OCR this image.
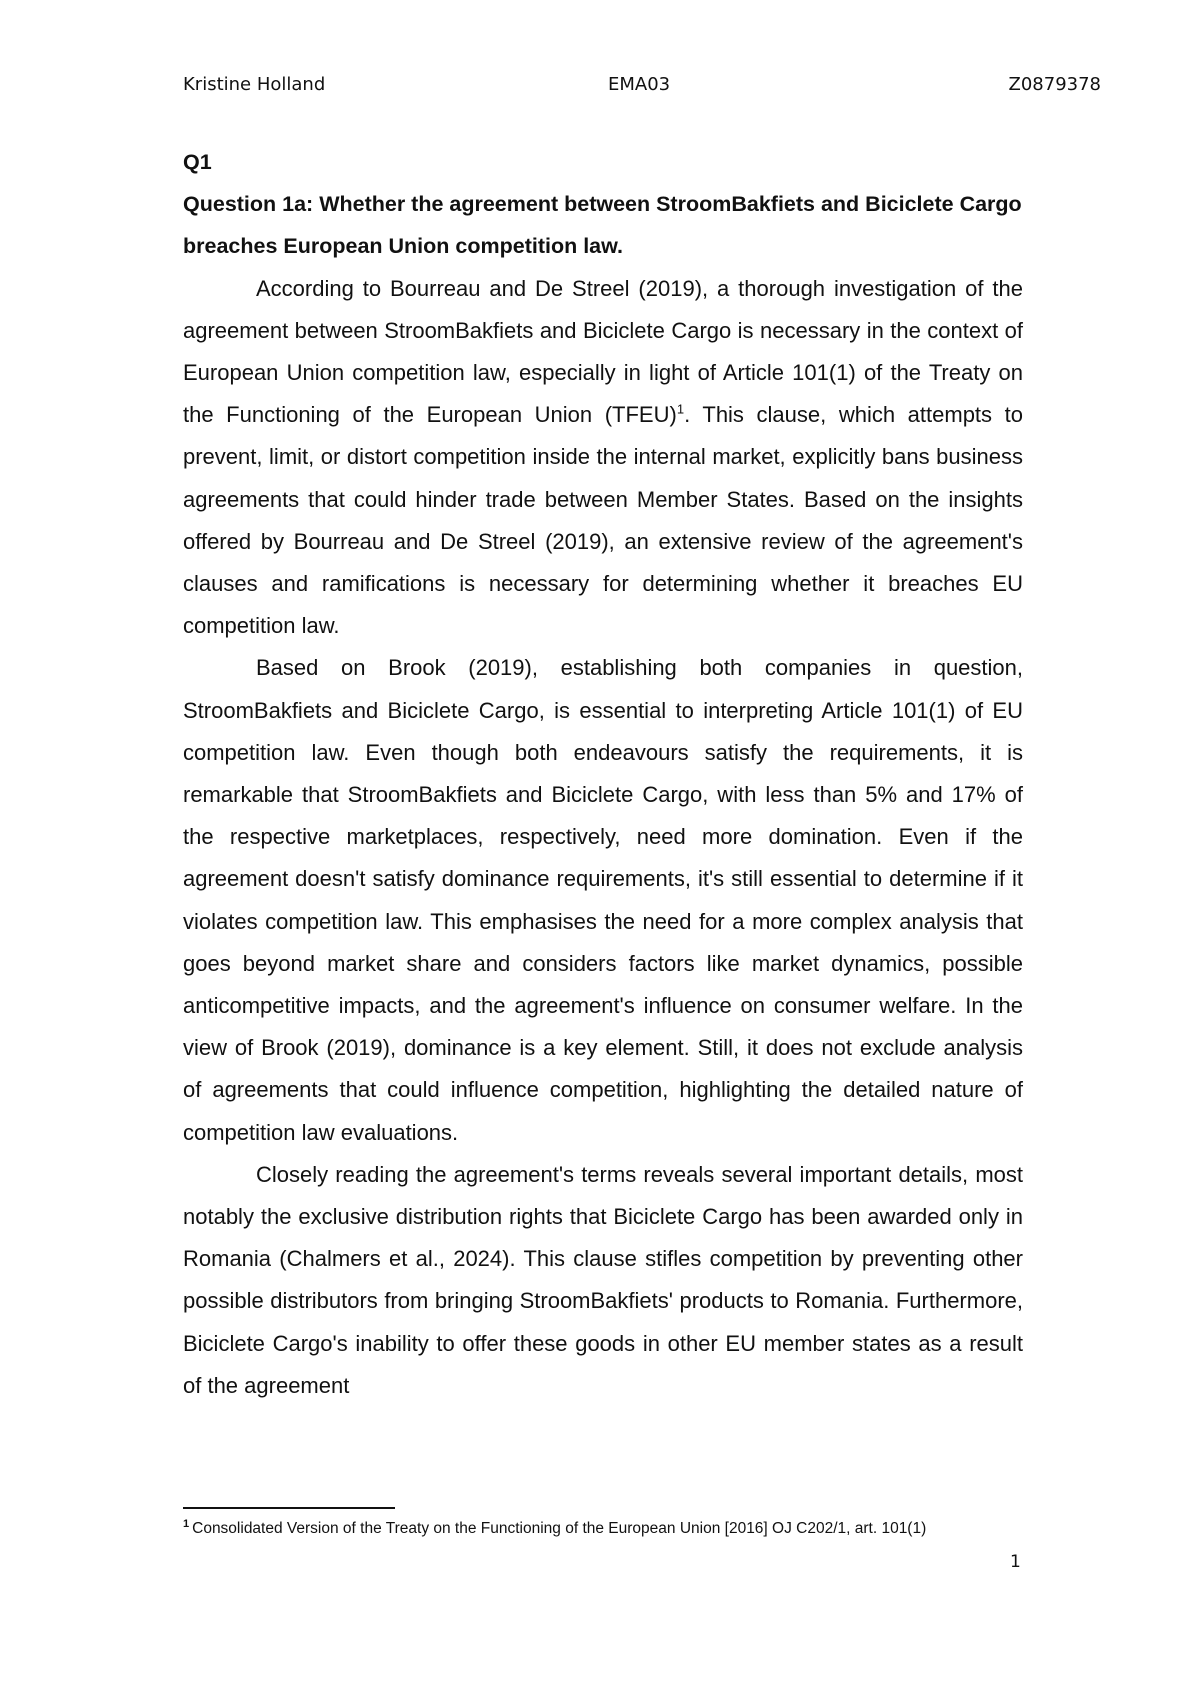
Kristine Holland	EMA03	Z0879378

Q1

Question 1a: Whether the agreement between StroomBakfiets and Biciclete Cargo breaches European Union competition law.

According to Bourreau and De Streel (2019), a thorough investigation of the agreement between StroomBakfiets and Biciclete Cargo is necessary in the context of European Union competition law, especially in light of Article 101(1) of the Treaty on the Functioning of the European Union (TFEU)$^1$. This clause, which attempts to prevent, limit, or distort competition inside the internal market, explicitly bans business agreements that could hinder trade between Member States. Based on the insights offered by Bourreau and De Streel (2019), an extensive review of the agreement's clauses and ramifications is necessary for determining whether it breaches EU competition law.

Based on Brook (2019), establishing both companies in question, StroomBakfiets and Biciclete Cargo, is essential to interpreting Article 101(1) of EU competition law. Even though both endeavours satisfy the requirements, it is remarkable that StroomBakfiets and Biciclete Cargo, with less than 5% and 17% of the respective marketplaces, respectively, need more domination. Even if the agreement doesn't satisfy dominance requirements, it's still essential to determine if it violates competition law. This emphasises the need for a more complex analysis that goes beyond market share and considers factors like market dynamics, possible anticompetitive impacts, and the agreement's influence on consumer welfare. In the view of Brook (2019), dominance is a key element. Still, it does not exclude analysis of agreements that could influence competition, highlighting the detailed nature of competition law evaluations.

Closely reading the agreement's terms reveals several important details, most notably the exclusive distribution rights that Biciclete Cargo has been awarded only in Romania (Chalmers et al., 2024). This clause stifles competition by preventing other possible distributors from bringing StroomBakfiets' products to Romania. Furthermore, Biciclete Cargo's inability to offer these goods in other EU member states as a result of the agreement

$^1$ Consolidated Version of the Treaty on the Functioning of the European Union [2016] OJ C202/1, art. 101(1)
1
